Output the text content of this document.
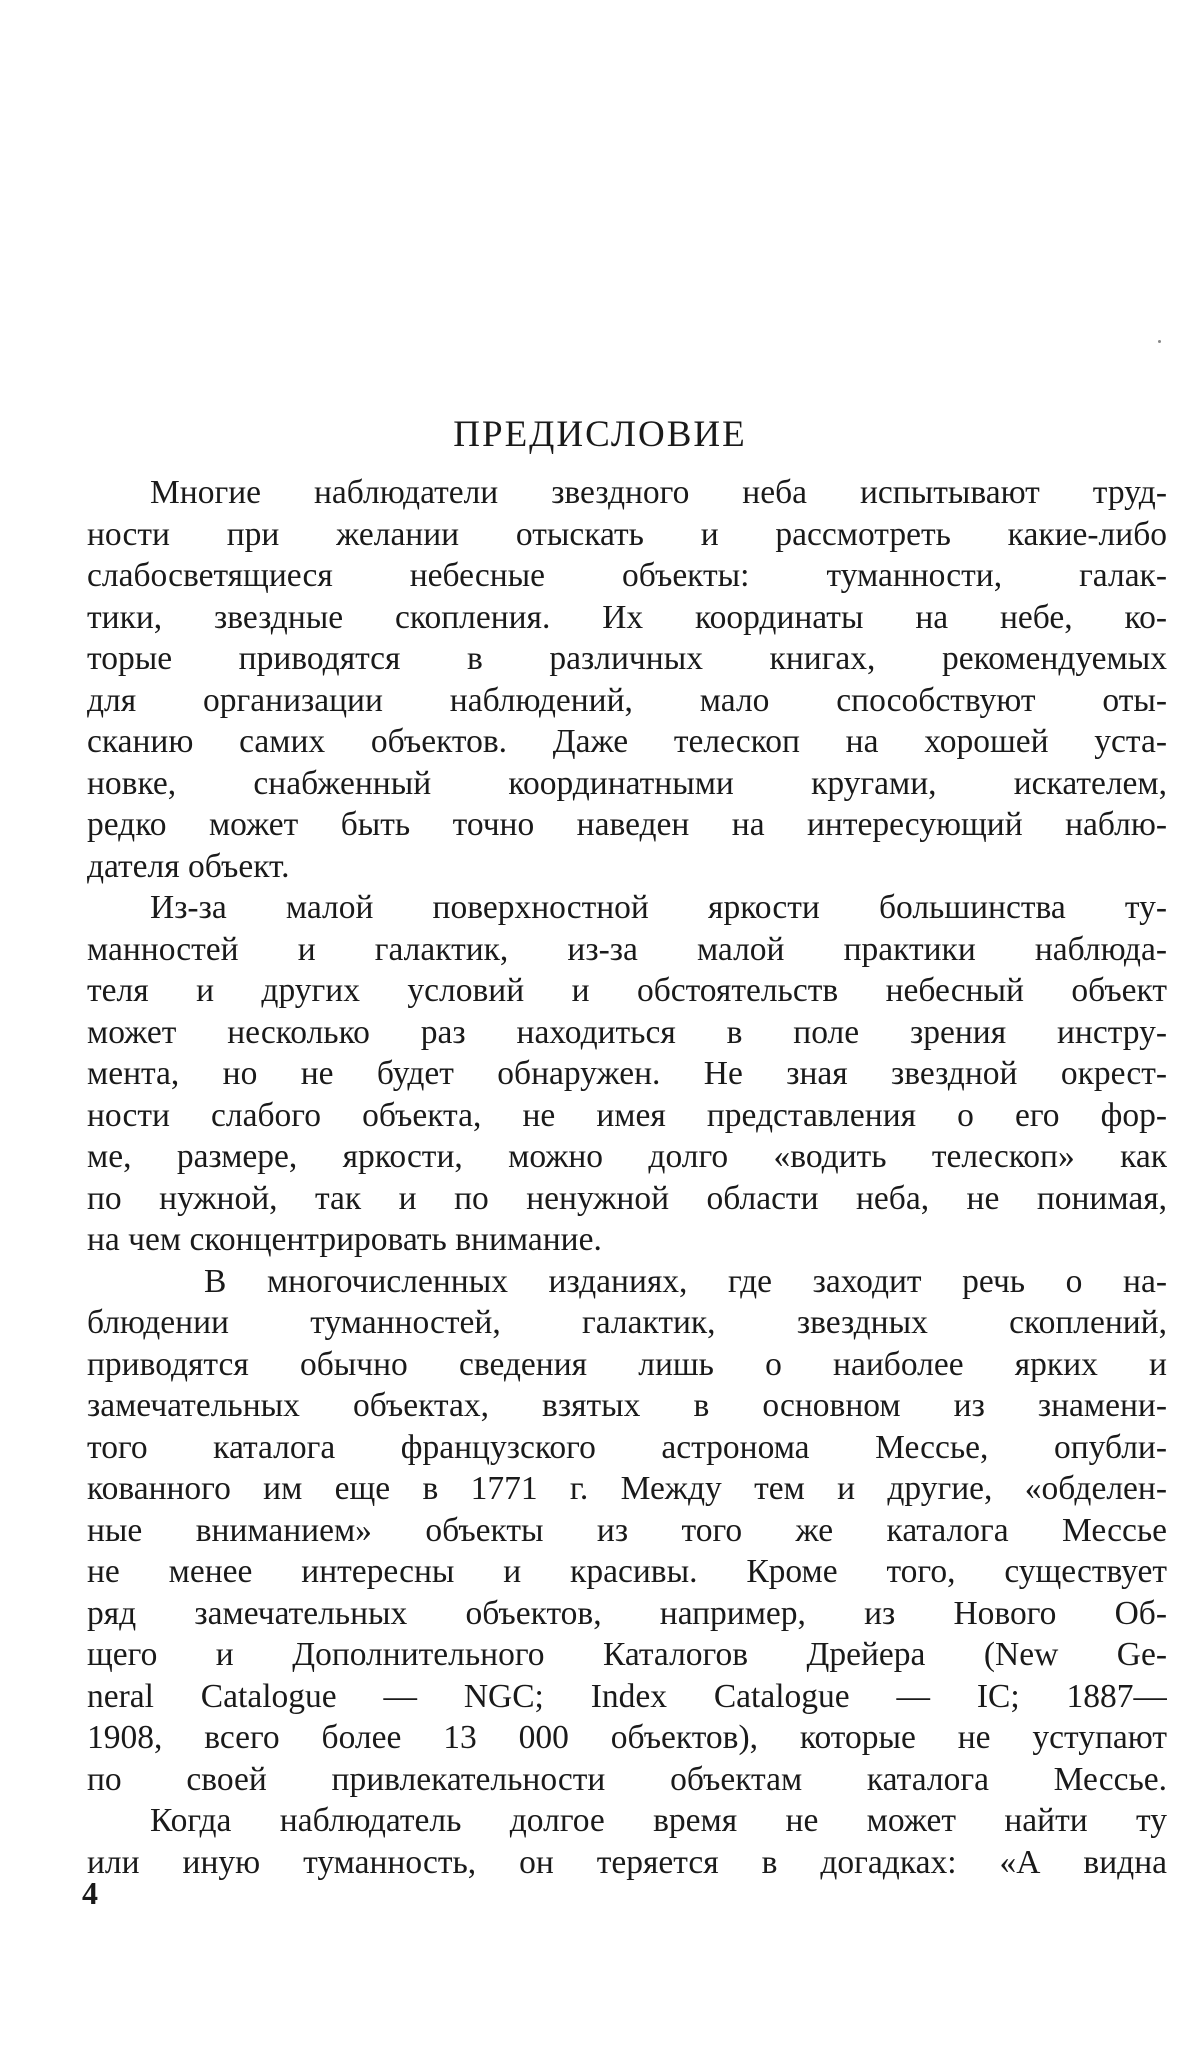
ПРЕДИСЛОВИЕ
Многие наблюдатели звездного неба испытывают труд-
ности при желании отыскать и рассмотреть какие-либо
слабосветящиеся небесные объекты: туманности, галак-
тики, звездные скопления. Их координаты на небе, ко-
торые приводятся в различных книгах, рекомендуемых
для организации наблюдений, мало способствуют оты-
сканию самих объектов. Даже телескоп на хорошей уста-
новке, снабженный координатными кругами, искателем,
редко может быть точно наведен на интересующий наблю-
дателя объект.
Из-за малой поверхностной яркости большинства ту-
манностей и галактик, из-за малой практики наблюда-
теля и других условий и обстоятельств небесный объект
может несколько раз находиться в поле зрения инстру-
мента, но не будет обнаружен. Не зная звездной окрест-
ности слабого объекта, не имея представления о его фор-
ме, размере, яркости, можно долго «водить телескоп» как
по нужной, так и по ненужной области неба, не понимая,
на чем сконцентрировать внимание.
В многочисленных изданиях, где заходит речь о на-
блюдении туманностей, галактик, звездных скоплений,
приводятся обычно сведения лишь о наиболее ярких и
замечательных объектах, взятых в основном из знамени-
того каталога французского астронома Мессье, опубли-
кованного им еще в 1771 г. Между тем и другие, «обделен-
ные вниманием» объекты из того же каталога Мессье
не менее интересны и красивы. Кроме того, существует
ряд замечательных объектов, например, из Нового Об-
щего и Дополнительного Каталогов Дрейера (New Ge-
neral Catalogue — NGC; Index Catalogue — IC; 1887—
1908, всего более 13 000 объектов), которые не уступают
по своей привлекательности объектам каталога Мессье.
Когда наблюдатель долгое время не может найти ту
или иную туманность, он теряется в догадках: «А видна
4
